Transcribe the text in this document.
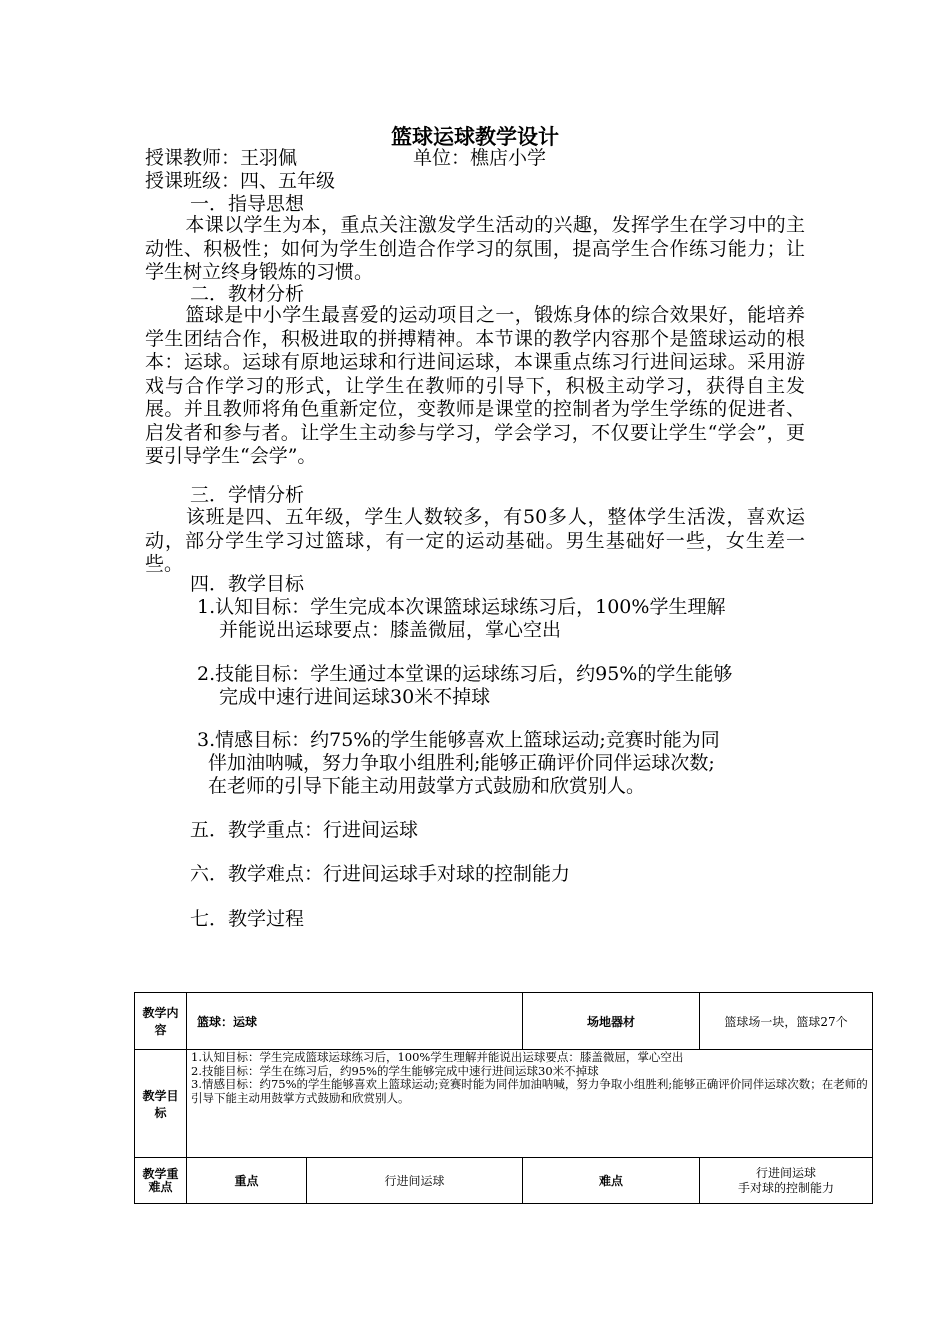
篮球运球教学设计
授课教师：王羽佩	单位：樵店小学
授课班级：四、五年级
一．指导思想
本课以学生为本，重点关注激发学生活动的兴趣，发挥学生在学习中的主动性、积极性；如何为学生创造合作学习的氛围，提高学生合作练习能力；让学生树立终身锻炼的习惯。
二．教材分析
篮球是中小学生最喜爱的运动项目之一，锻炼身体的综合效果好，能培养学生团结合作，积极进取的拼搏精神。本节课的教学内容那个是篮球运动的根本：运球。运球有原地运球和行进间运球，本课重点练习行进间运球。采用游戏与合作学习的形式，让学生在教师的引导下，积极主动学习，获得自主发展。并且教师将角色重新定位，变教师是课堂的控制者为学生学练的促进者、启发者和参与者。让学生主动参与学习，学会学习，不仅要让学生“学会”，更要引导学生“会学”。
三．学情分析
该班是四、五年级，学生人数较多，有50多人，整体学生活泼，喜欢运动，部分学生学习过篮球，有一定的运动基础。男生基础好一些，女生差一些。
四．教学目标
1.认知目标：学生完成本次课篮球运球练习后，100%学生理解
并能说出运球要点：膝盖微屈，掌心空出
2.技能目标：学生通过本堂课的运球练习后，约95%的学生能够
完成中速行进间运球30米不掉球
3.情感目标：约75%的学生能够喜欢上篮球运动;竞赛时能为同
伴加油呐喊，努力争取小组胜利;能够正确评价同伴运球次数;
在老师的引导下能主动用鼓掌方式鼓励和欣赏别人。
五．教学重点：行进间运球
六．教学难点：行进间运球手对球的控制能力
七．教学过程
教学内容	篮球：运球		场地器材	篮球场一块，篮球27个
教学目标	1.认知目标：学生完成篮球运球练习后，100%学生理解并能说出运球要点：膝盖微屈，掌心空出
2.技能目标：学生在练习后，约95%的学生能够完成中速行进间运球30米不掉球
3.情感目标：约75%的学生能够喜欢上篮球运动;竞赛时能为同伴加油呐喊，努力争取小组胜利;能够正确评价同伴运球次数；在老师的引导下能主动用鼓掌方式鼓励和欣赏别人。			

教学重难点	重点	行进间运球	难点	行进间运球
手对球的控制能力
